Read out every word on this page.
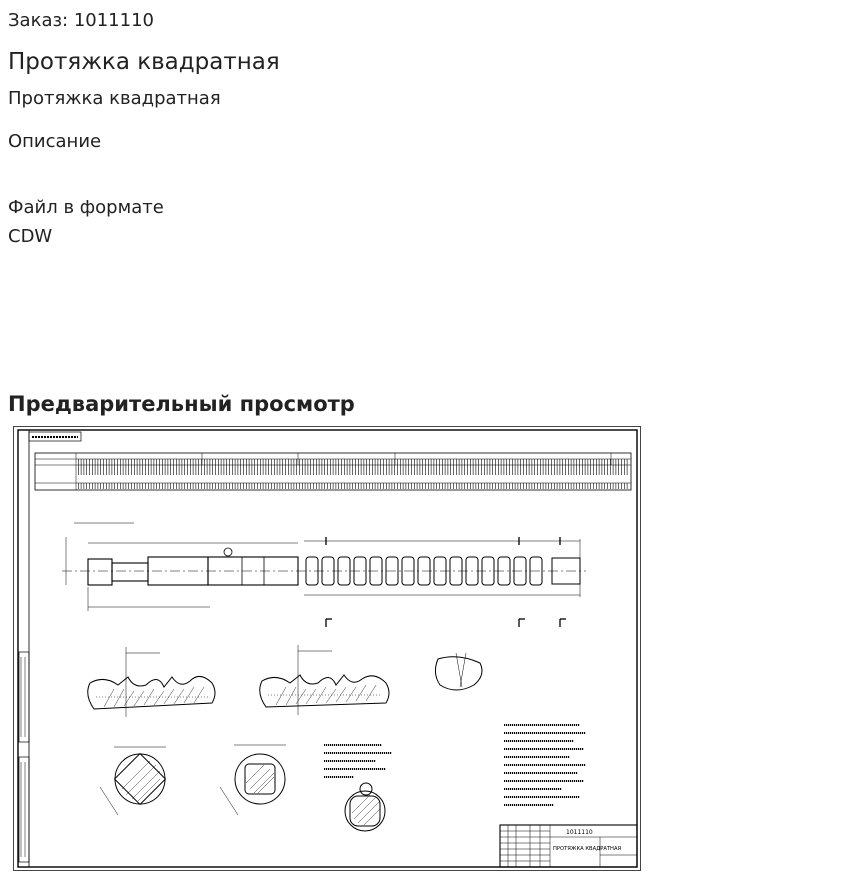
Заказ: 1011110
Протяжка квадратная
Протяжка квадратная
Описание
Файл в формате CDW
Предварительный просмотр
1011110
ПРОТЯЖКА КВАДРАТНАЯ
